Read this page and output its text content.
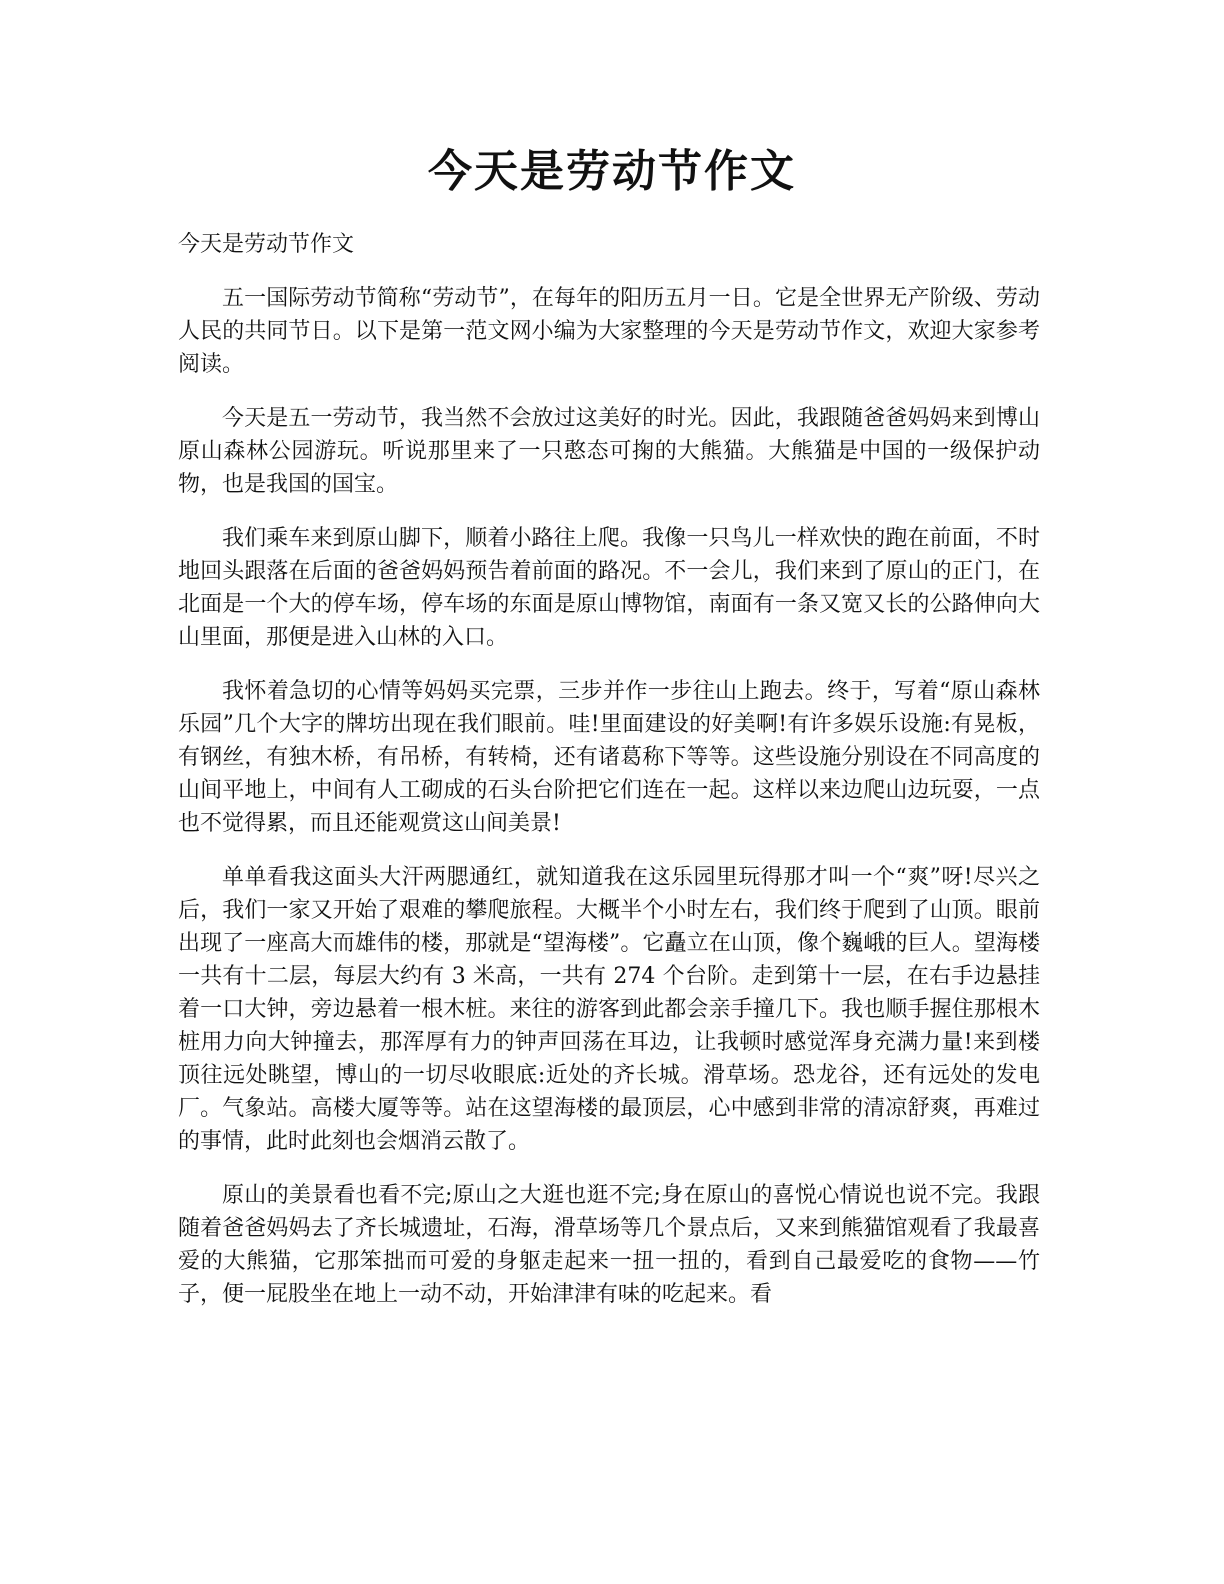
今天是劳动节作文

今天是劳动节作文

五一国际劳动节简称“劳动节”，在每年的阳历五月一日。它是全世界无产阶级、劳动人民的共同节日。以下是第一范文网小编为大家整理的今天是劳动节作文，欢迎大家参考阅读。

今天是五一劳动节，我当然不会放过这美好的时光。因此，我跟随爸爸妈妈来到博山原山森林公园游玩。听说那里来了一只憨态可掬的大熊猫。大熊猫是中国的一级保护动物，也是我国的国宝。

我们乘车来到原山脚下，顺着小路往上爬。我像一只鸟儿一样欢快的跑在前面，不时地回头跟落在后面的爸爸妈妈预告着前面的路况。不一会儿，我们来到了原山的正门，在北面是一个大的停车场，停车场的东面是原山博物馆，南面有一条又宽又长的公路伸向大山里面，那便是进入山林的入口。

我怀着急切的心情等妈妈买完票，三步并作一步往山上跑去。终于，写着“原山森林乐园”几个大字的牌坊出现在我们眼前。哇!里面建设的好美啊!有许多娱乐设施:有晃板，有钢丝，有独木桥，有吊桥，有转椅，还有诸葛称下等等。这些设施分别设在不同高度的山间平地上，中间有人工砌成的石头台阶把它们连在一起。这样以来边爬山边玩耍，一点也不觉得累，而且还能观赏这山间美景!

单单看我这面头大汗两腮通红，就知道我在这乐园里玩得那才叫一个“爽”呀!尽兴之后，我们一家又开始了艰难的攀爬旅程。大概半个小时左右，我们终于爬到了山顶。眼前出现了一座高大而雄伟的楼，那就是“望海楼”。它矗立在山顶，像个巍峨的巨人。望海楼一共有十二层，每层大约有 3 米高，一共有 274 个台阶。走到第十一层，在右手边悬挂着一口大钟，旁边悬着一根木桩。来往的游客到此都会亲手撞几下。我也顺手握住那根木桩用力向大钟撞去，那浑厚有力的钟声回荡在耳边，让我顿时感觉浑身充满力量!来到楼顶往远处眺望，博山的一切尽收眼底:近处的齐长城。滑草场。恐龙谷，还有远处的发电厂。气象站。高楼大厦等等。站在这望海楼的最顶层，心中感到非常的清凉舒爽，再难过的事情，此时此刻也会烟消云散了。

原山的美景看也看不完;原山之大逛也逛不完;身在原山的喜悦心情说也说不完。我跟随着爸爸妈妈去了齐长城遗址，石海，滑草场等几个景点后，又来到熊猫馆观看了我最喜爱的大熊猫，它那笨拙而可爱的身躯走起来一扭一扭的，看到自己最爱吃的食物——竹子，便一屁股坐在地上一动不动，开始津津有味的吃起来。看
